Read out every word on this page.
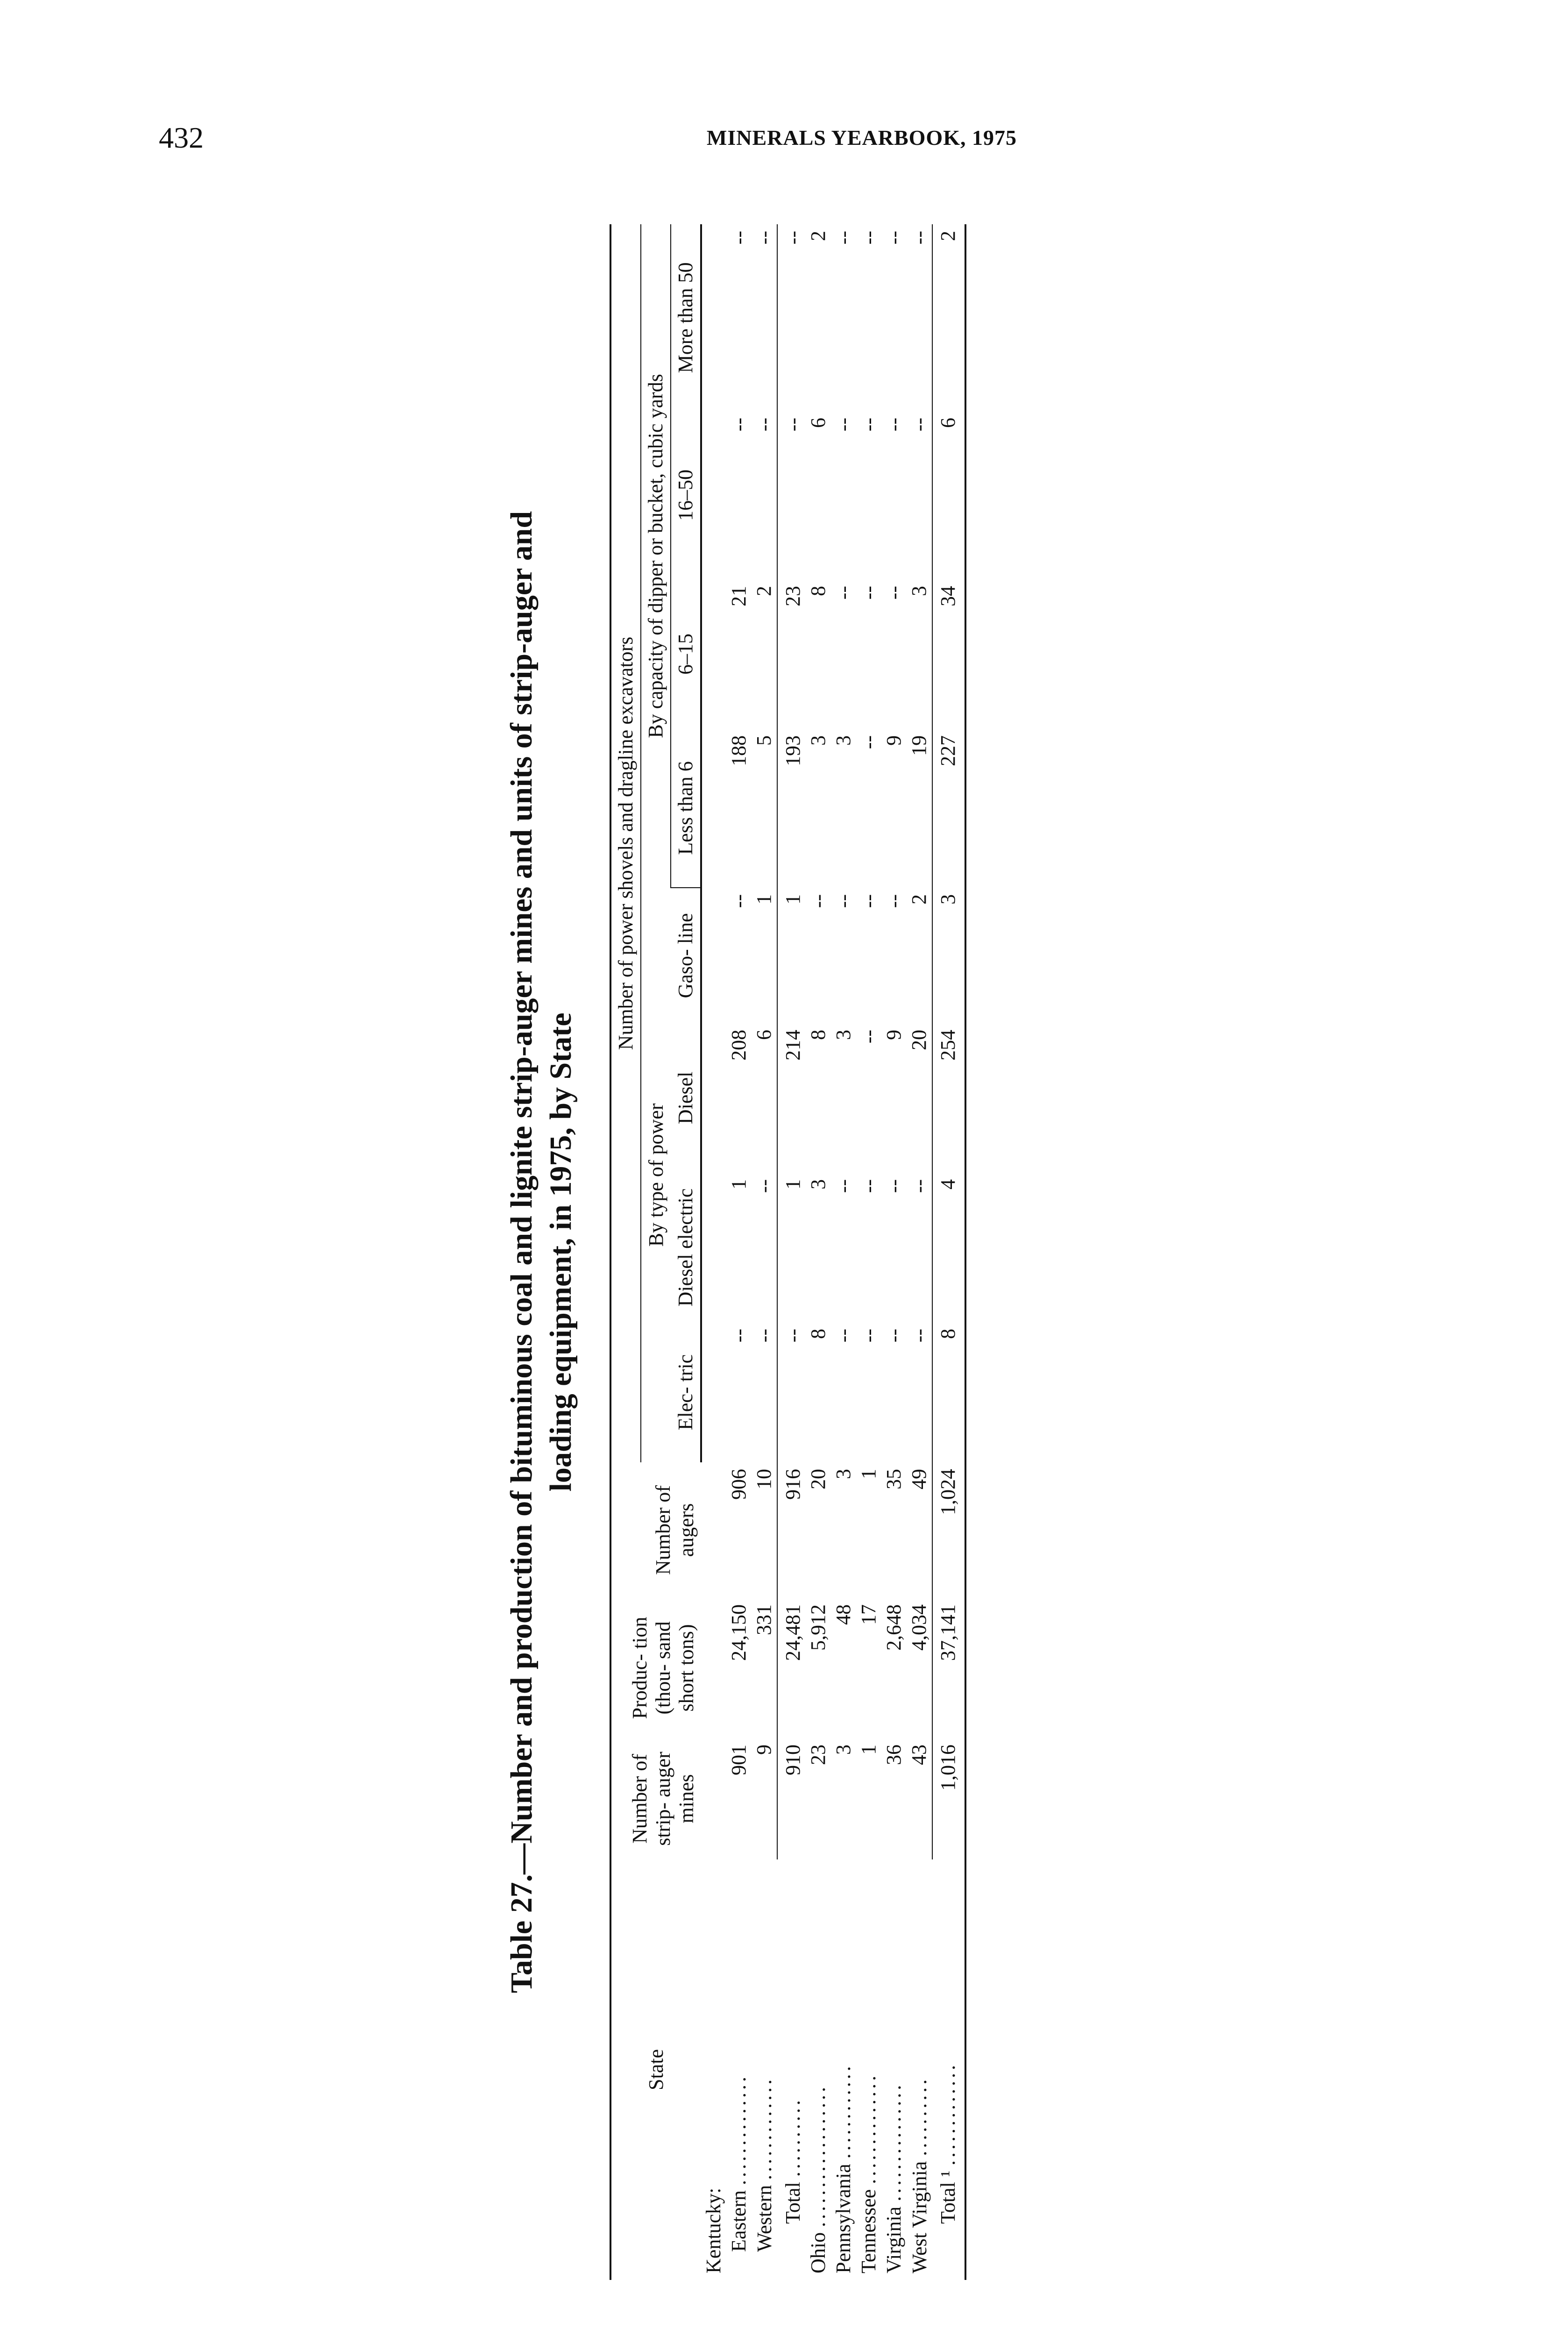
432	MINERALS YEARBOOK, 1975
Table 27.—Number and production of bituminous coal and lignite strip-auger mines and units of strip-auger and loading equipment, in 1975, by State
State	Number of strip- auger mines	Produc- tion (thou- sand short tons)	Number of augers	Number of power shovels and dragline excavators							
				By type of power				By capacity of dipper or bucket, cubic yards			
				Elec- tric	Diesel electric	Diesel	Gaso- line	Less than 6	6–15	16–50	More than 50
Kentucky:											
Eastern ..............	901	24,150	906	--	1	208	--	188	21	--	--
Western .............	9	331	10	--	--	6	1	5	2	--	--
Total ..........	910	24,481	916	--	1	214	1	193	23	--	--
Ohio ..................	23	5,912	20	8	3	8	--	3	8	6	2
Pennsylvania ............	3	48	3	--	--	3	--	3	--	--	--
Tennessee ..............	1	17	1	--	--	--	--	--	--	--	--
Virginia ...............	36	2,648	35	--	--	9	--	9	--	--	--
West Virginia ..........	43	4,034	49	--	--	20	2	19	3	--	--
Total ¹ .............	1,016	37,141	1,024	8	4	254	3	227	34	6	2
